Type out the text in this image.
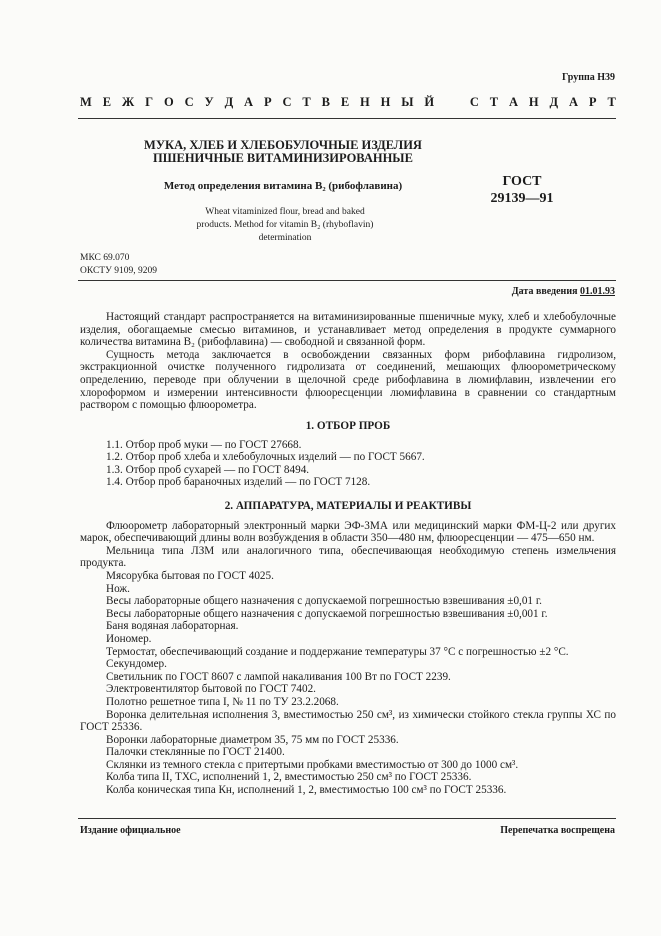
Группа Н39
М Е Ж Г О С У Д А Р С Т В Е Н Н Ы Й	С Т А Н Д А Р Т
МУКА, ХЛЕБ И ХЛЕБОБУЛОЧНЫЕ ИЗДЕЛИЯ
ПШЕНИЧНЫЕ ВИТАМИНИЗИРОВАННЫЕ
Метод определения витамина B₂ (рибофлавина)	ГОСТ
29139—91
Wheat vitaminized flour, bread and baked
products. Method for vitamin B₂ (rhyboflavin)
determination
МКС 69.070
ОКСТУ 9109, 9209
Дата введения 01.01.93

Настоящий стандарт распространяется на витаминизированные пшеничные муку, хлеб и хлебобулочные изделия, обогащаемые смесью витаминов, и устанавливает метод определения в продукте суммарного количества витамина B₂ (рибофлавина) — свободной и связанной форм.

Сущность метода заключается в освобождении связанных форм рибофлавина гидролизом, экстракционной очистке полученного гидролизата от соединений, мешающих флюорометрическому определению, переводе при облучении в щелочной среде рибофлавина в люмифлавин, извлечении его хлороформом и измерении интенсивности флюоресценции люмифлавина в сравнении со стандартным раствором с помощью флюорометра.

1. ОТБОР ПРОБ

1.1. Отбор проб муки — по ГОСТ 27668.

1.2. Отбор проб хлеба и хлебобулочных изделий — по ГОСТ 5667.

1.3. Отбор проб сухарей — по ГОСТ 8494.

1.4. Отбор проб бараночных изделий — по ГОСТ 7128.

2. АППАРАТУРА, МАТЕРИАЛЫ И РЕАКТИВЫ

Флюорометр лабораторный электронный марки ЭФ-3МА или медицинский марки ФМ-Ц-2 или других марок, обеспечивающий длины волн возбуждения в области 350—480 нм, флюоресценции — 475—650 нм.

Мельница типа ЛЗМ или аналогичного типа, обеспечивающая необходимую степень измельчения продукта.

Мясорубка бытовая по ГОСТ 4025.

Нож.

Весы лабораторные общего назначения с допускаемой погрешностью взвешивания ±0,01 г.

Весы лабораторные общего назначения с допускаемой погрешностью взвешивания ±0,001 г.

Баня водяная лабораторная.

Иономер.

Термостат, обеспечивающий создание и поддержание температуры 37 °С с погрешностью ±2 °С.

Секундомер.

Светильник по ГОСТ 8607 с лампой накаливания 100 Вт по ГОСТ 2239.

Электровентилятор бытовой по ГОСТ 7402.

Полотно решетное типа I, № 11 по ТУ 23.2.2068.

Воронка делительная исполнения 3, вместимостью 250 см³, из химически стойкого стекла группы ХС по ГОСТ 25336.

Воронки лабораторные диаметром 35, 75 мм по ГОСТ 25336.

Палочки стеклянные по ГОСТ 21400.

Склянки из темного стекла с притертыми пробками вместимостью от 300 до 1000 см³.

Колба типа II, ТХС, исполнений 1, 2, вместимостью 250 см³ по ГОСТ 25336.

Колба коническая типа Кн, исполнений 1, 2, вместимостью 100 см³ по ГОСТ 25336.

Издание официальное	Перепечатка воспрещена
